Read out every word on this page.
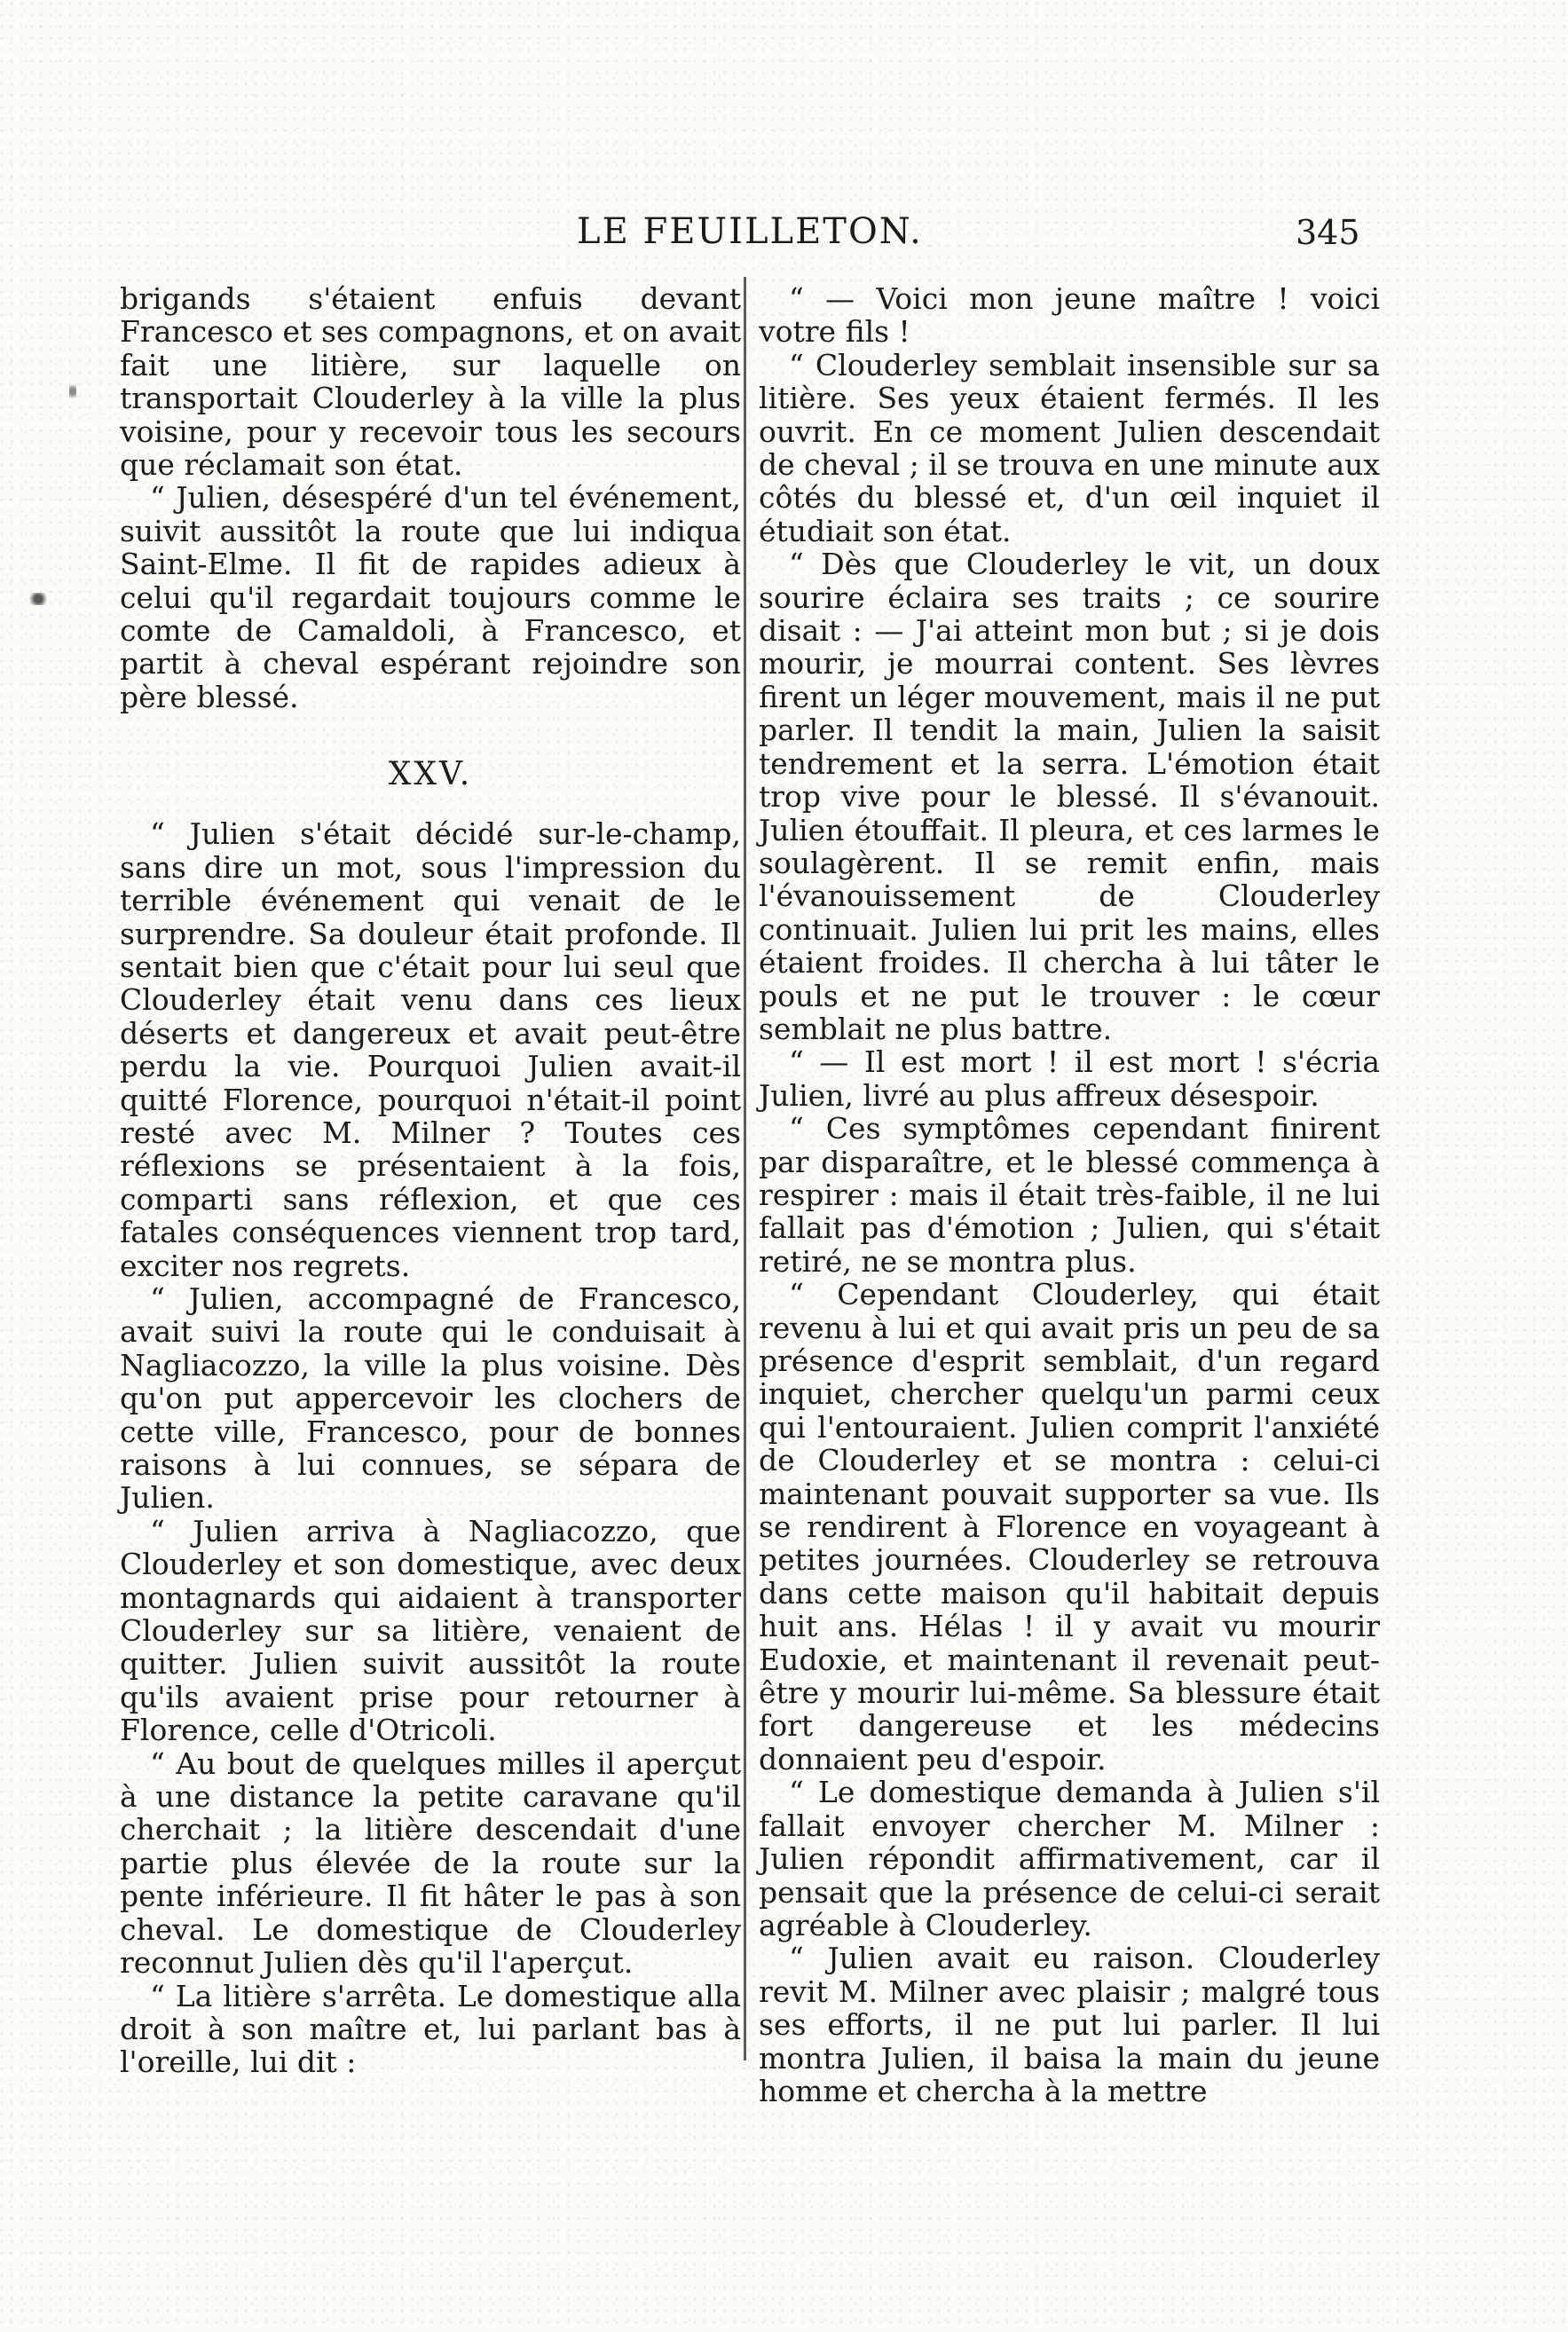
LE FEUILLETON.	345

brigands s'étaient enfuis devant Francesco et ses compagnons, et on avait fait une litière, sur laquelle on transportait Clouderley à la ville la plus voisine, pour y recevoir tous les secours que réclamait son état.

“ Julien, désespéré d'un tel événement, suivit aussitôt la route que lui indiqua Saint-Elme. Il fit de rapides adieux à celui qu'il regardait toujours comme le comte de Camaldoli, à Francesco, et partit à cheval espérant rejoindre son père blessé.

XXV.

“ Julien s'était décidé sur-le-champ, sans dire un mot, sous l'impression du terrible événement qui venait de le surprendre. Sa douleur était profonde. Il sentait bien que c'était pour lui seul que Clouderley était venu dans ces lieux déserts et dangereux et avait peut-être perdu la vie. Pourquoi Julien avait-il quitté Florence, pourquoi n'était-il point resté avec M. Milner ? Toutes ces réflexions se présentaient à la fois, comparti sans réflexion, et que ces fatales conséquences viennent trop tard, exciter nos regrets.

“ Julien, accompagné de Francesco, avait suivi la route qui le conduisait à Nagliacozzo, la ville la plus voisine. Dès qu'on put appercevoir les clochers de cette ville, Francesco, pour de bonnes raisons à lui connues, se sépara de Julien.

“ Julien arriva à Nagliacozzo, que Clouderley et son domestique, avec deux montagnards qui aidaient à transporter Clouderley sur sa litière, venaient de quitter. Julien suivit aussitôt la route qu'ils avaient prise pour retourner à Florence, celle d'Otricoli.

“ Au bout de quelques milles il aperçut à une distance la petite caravane qu'il cherchait ; la litière descendait d'une partie plus élevée de la route sur la pente inférieure. Il fit hâter le pas à son cheval. Le domestique de Clouderley reconnut Julien dès qu'il l'aperçut.

“ La litière s'arrêta. Le domestique alla droit à son maître et, lui parlant bas à l'oreille, lui dit :

“ — Voici mon jeune maître ! voici votre fils !

“ Clouderley semblait insensible sur sa litière. Ses yeux étaient fermés. Il les ouvrit. En ce moment Julien descendait de cheval ; il se trouva en une minute aux côtés du blessé et, d'un œil inquiet il étudiait son état.

“ Dès que Clouderley le vit, un doux sourire éclaira ses traits ; ce sourire disait : — J'ai atteint mon but ; si je dois mourir, je mourrai content. Ses lèvres firent un léger mouvement, mais il ne put parler. Il tendit la main, Julien la saisit tendrement et la serra. L'émotion était trop vive pour le blessé. Il s'évanouit. Julien étouffait. Il pleura, et ces larmes le soulagèrent. Il se remit enfin, mais l'évanouissement de Clouderley continuait. Julien lui prit les mains, elles étaient froides. Il chercha à lui tâter le pouls et ne put le trouver : le cœur semblait ne plus battre.

“ — Il est mort ! il est mort ! s'écria Julien, livré au plus affreux désespoir.

“ Ces symptômes cependant finirent par disparaître, et le blessé commença à respirer : mais il était très-faible, il ne lui fallait pas d'émotion ; Julien, qui s'était retiré, ne se montra plus.

“ Cependant Clouderley, qui était revenu à lui et qui avait pris un peu de sa présence d'esprit semblait, d'un regard inquiet, chercher quelqu'un parmi ceux qui l'entouraient. Julien comprit l'anxiété de Clouderley et se montra : celui-ci maintenant pouvait supporter sa vue. Ils se rendirent à Florence en voyageant à petites journées. Clouderley se retrouva dans cette maison qu'il habitait depuis huit ans. Hélas ! il y avait vu mourir Eudoxie, et maintenant il revenait peut-être y mourir lui-même. Sa blessure était fort dangereuse et les médecins donnaient peu d'espoir.

“ Le domestique demanda à Julien s'il fallait envoyer chercher M. Milner : Julien répondit affirmativement, car il pensait que la présence de celui-ci serait agréable à Clouderley.

“ Julien avait eu raison. Clouderley revit M. Milner avec plaisir ; malgré tous ses efforts, il ne put lui parler. Il lui montra Julien, il baisa la main du jeune homme et chercha à la mettre
